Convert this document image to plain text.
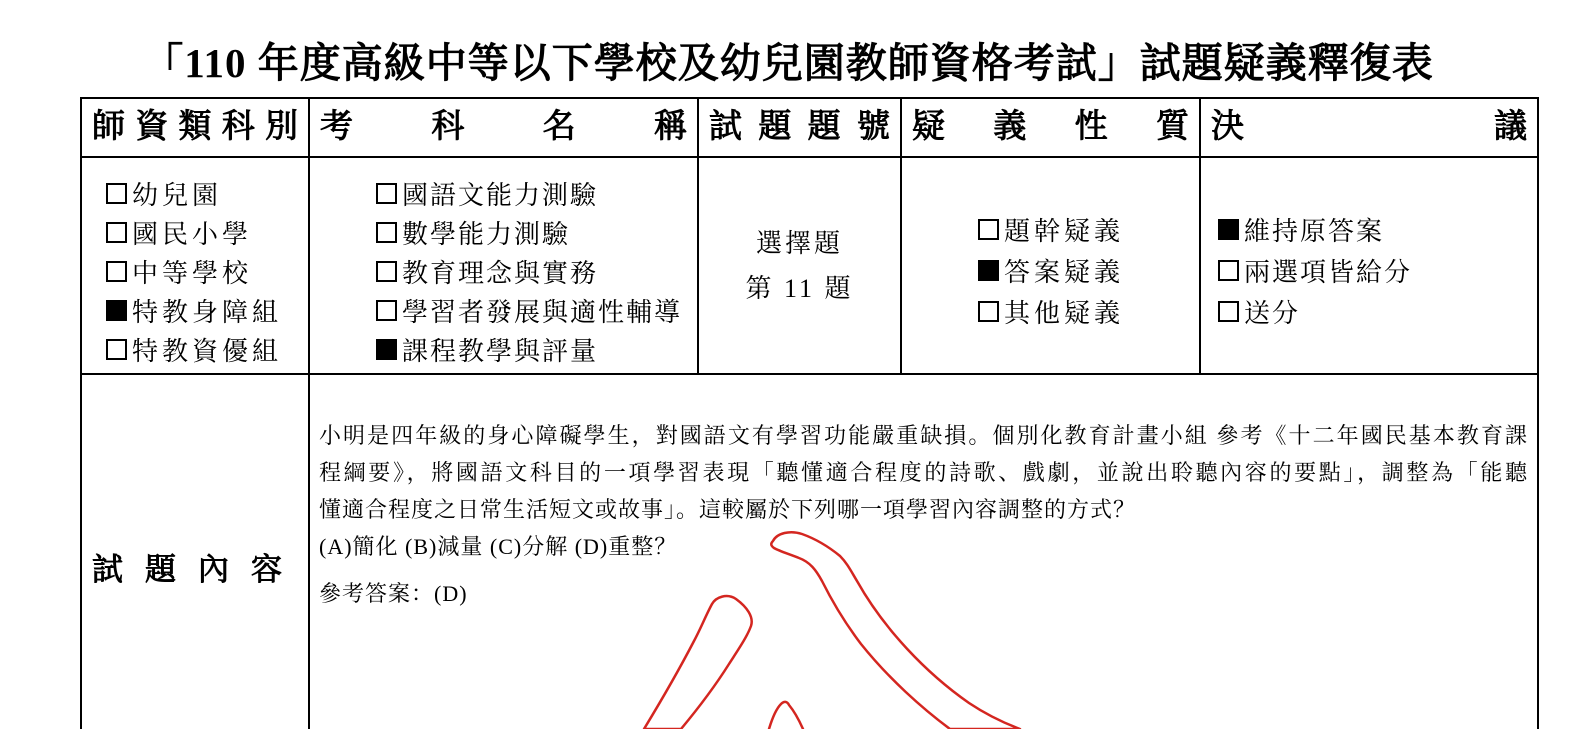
「110 年度高級中等以下學校及幼兒園教師資格考試」試題疑義釋復表
師資類科別 考科名稱 試題題號 疑義性質 決議
幼兒園
國民小學
中等學校
特教身障組
特教資優組
國語文能力測驗
數學能力測驗
教育理念與實務
學習者發展與適性輔導
課程教學與評量
選擇題
第 11 題
題幹疑義
答案疑義
其他疑義
維持原答案
兩選項皆給分
送分
試題內容
小明是四年級的身心障礙學生，對國語文有學習功能嚴重缺損。個別化教育計畫小組 參考《十二年國民基本教育課
程綱要》，將國語文科目的一項學習表現「聽懂適合程度的詩歌、戲劇，並說出聆聽內容的要點」，調整為「能聽
懂適合程度之日常生活短文或故事」。這較屬於下列哪一項學習內容調整的方式？
(A)簡化 (B)減量 (C)分解 (D)重整？
參考答案：(D)
